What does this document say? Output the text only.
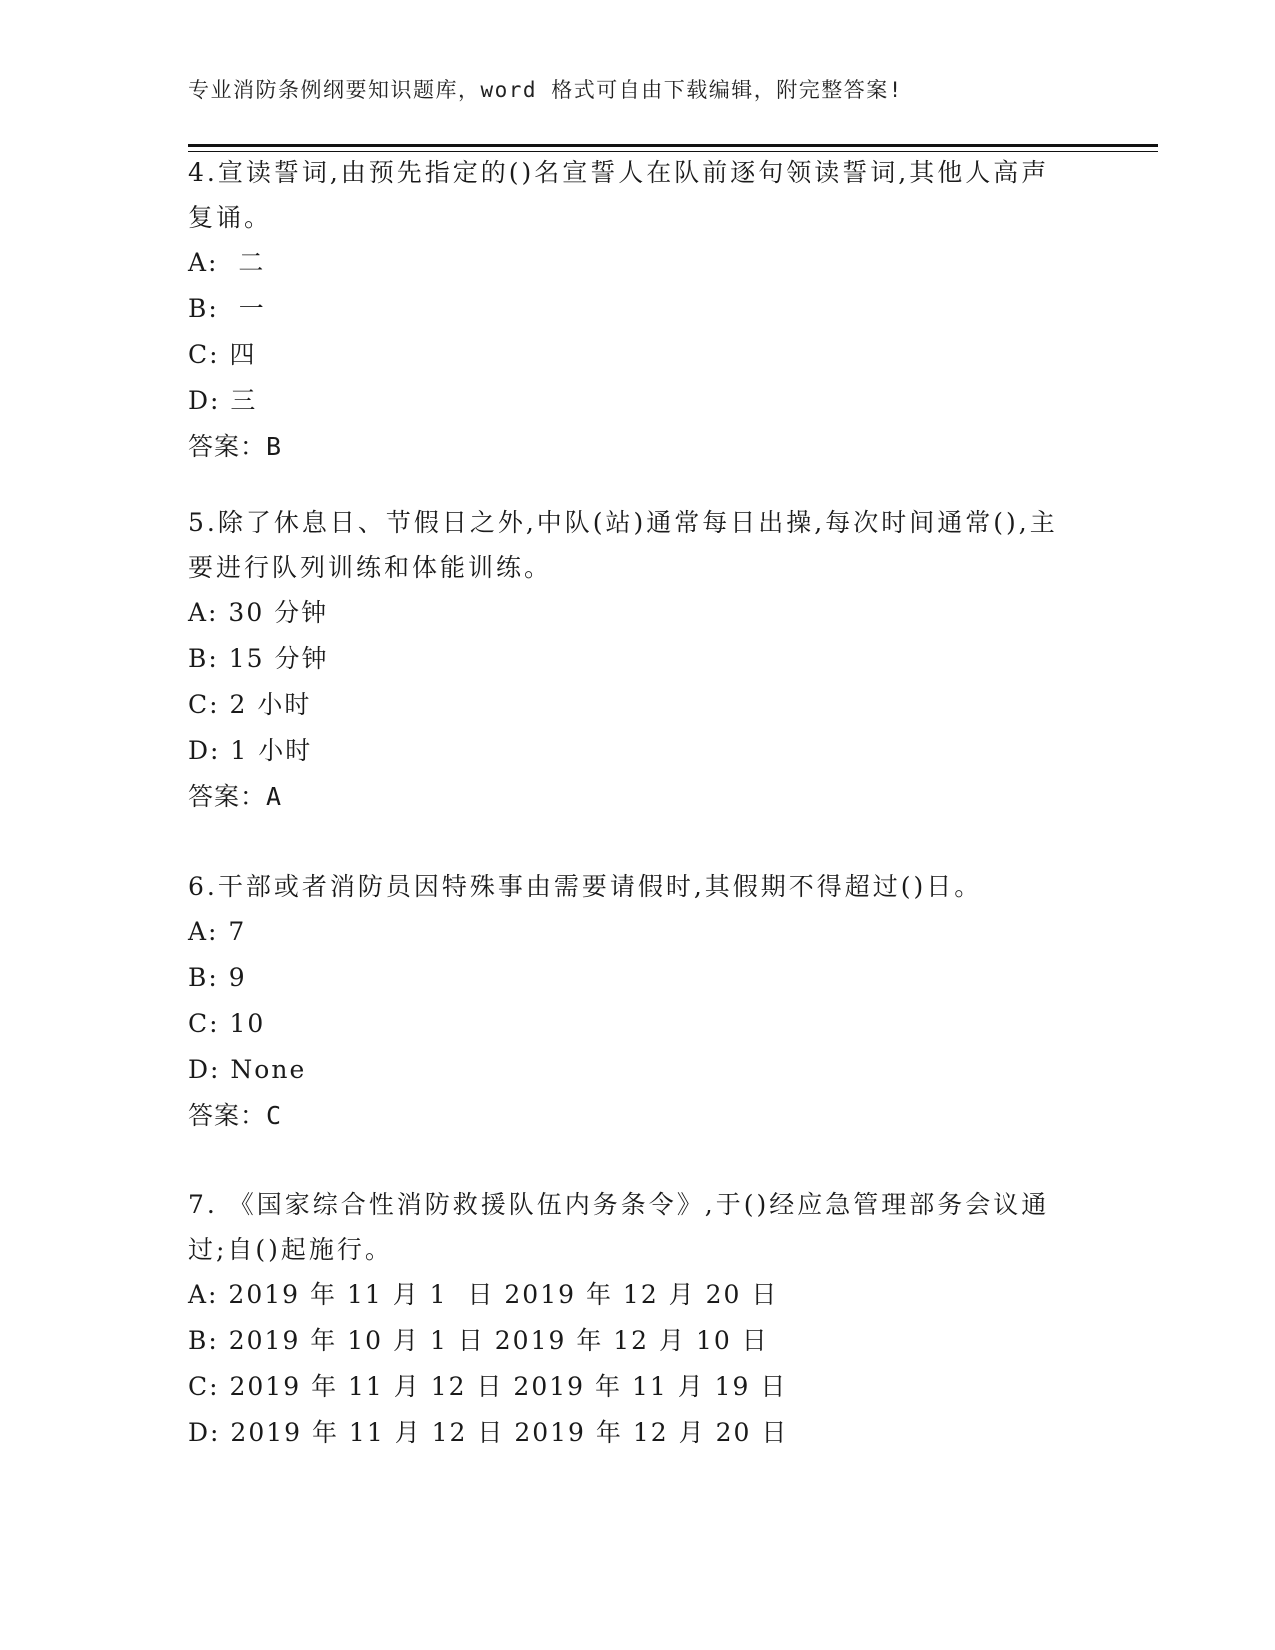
专业消防条例纲要知识题库，word 格式可自由下载编辑，附完整答案!

4.宣读誓词,由预先指定的()名宣誓人在队前逐句领读誓词,其他人高声复诵。

A:  二

B:  一

C: 四

D: 三

答案：B

5.除了休息日、节假日之外,中队(站)通常每日出操,每次时间通常(),主要进行队列训练和体能训练。

A: 30 分钟

B: 15 分钟

C: 2 小时

D: 1 小时

答案：A

6.干部或者消防员因特殊事由需要请假时,其假期不得超过()日。

A: 7

B: 9

C: 10

D: None

答案：C

7. 《国家综合性消防救援队伍内务条令》,于()经应急管理部务会议通过;自()起施行。

A: 2019 年 11 月 1  日 2019 年 12 月 20 日

B: 2019 年 10 月 1 日 2019 年 12 月 10 日

C: 2019 年 11 月 12 日 2019 年 11 月 19 日

D: 2019 年 11 月 12 日 2019 年 12 月 20 日
